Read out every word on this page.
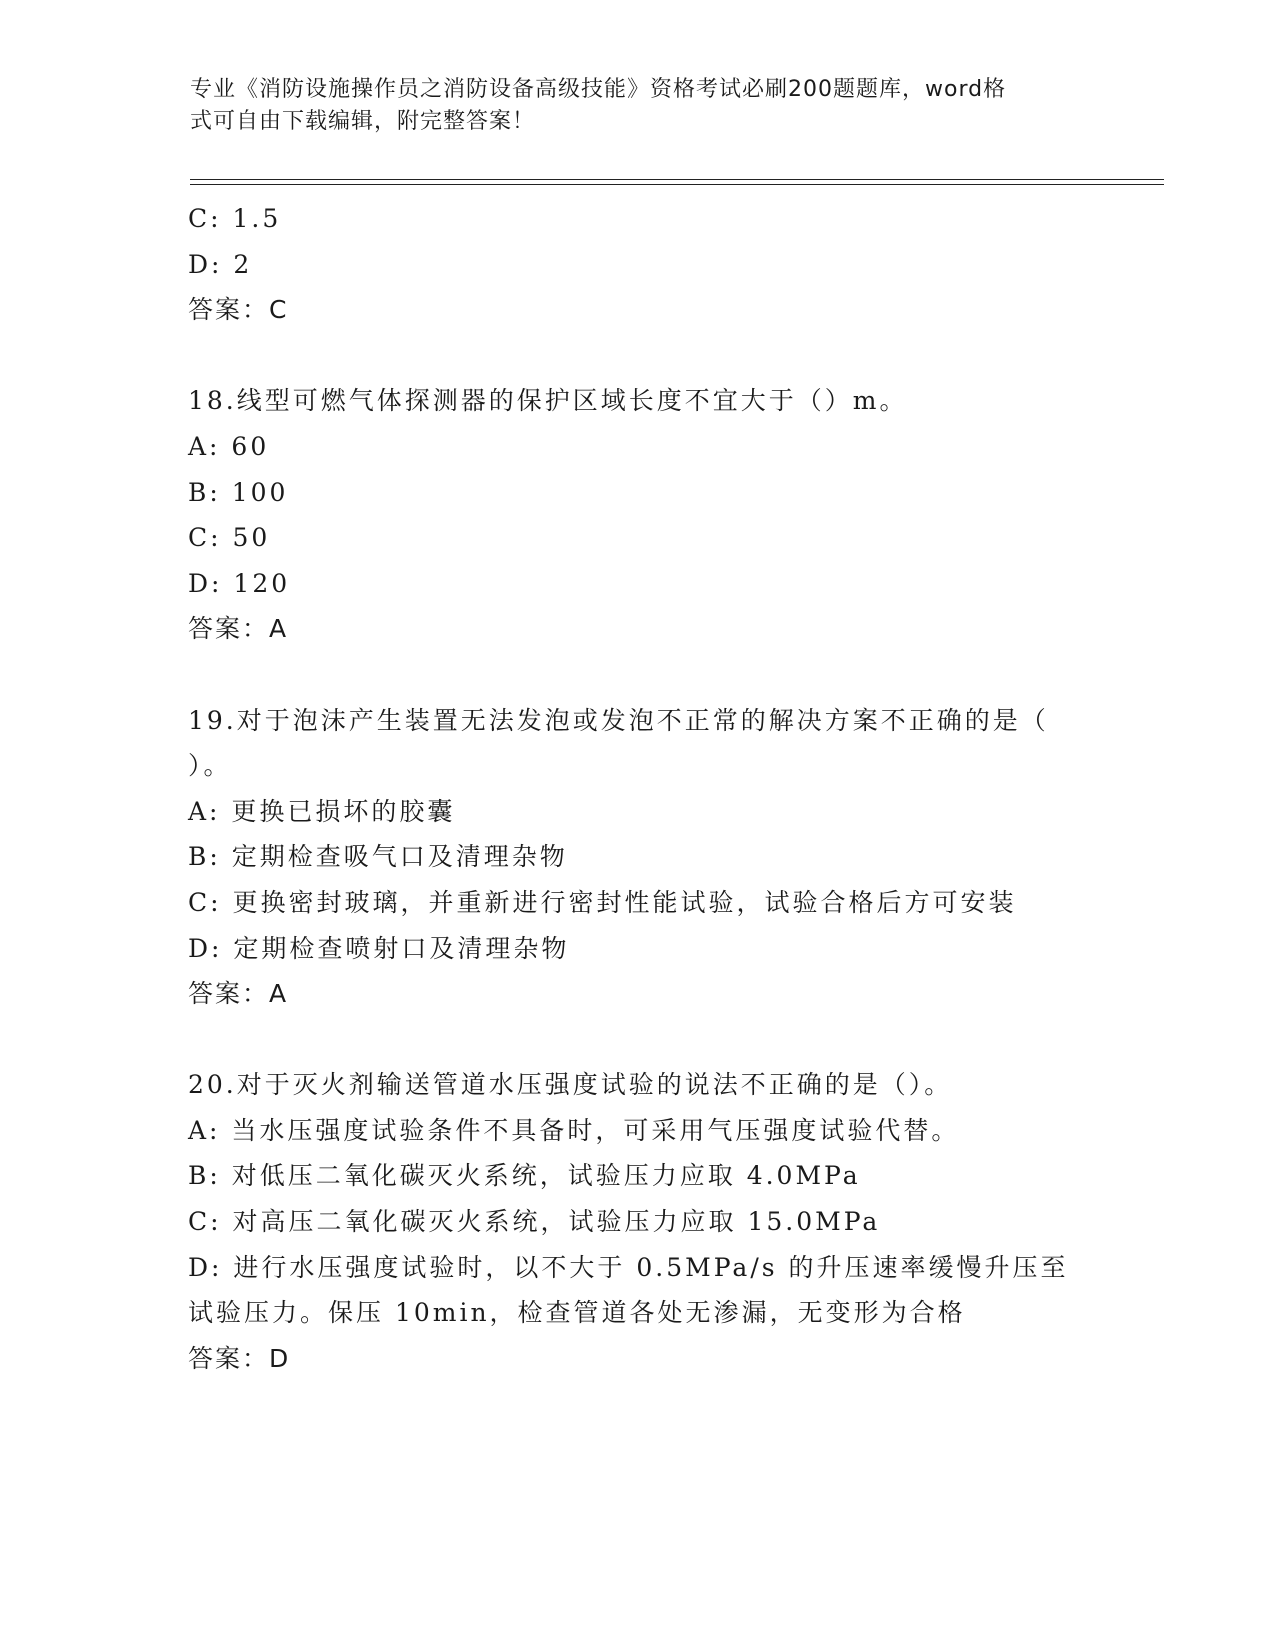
专业《消防设施操作员之消防设备高级技能》资格考试必刷200题题库，word格
式可自由下载编辑，附完整答案！
C: 1.5
D: 2
答案：C
18.线型可燃气体探测器的保护区域长度不宜大于（）m。
A: 60
B: 100
C: 50
D: 120
答案：A
19.对于泡沫产生装置无法发泡或发泡不正常的解决方案不正确的是（
）。
A: 更换已损坏的胶囊
B: 定期检查吸气口及清理杂物
C: 更换密封玻璃，并重新进行密封性能试验，试验合格后方可安装
D: 定期检查喷射口及清理杂物
答案：A
20.对于灭火剂输送管道水压强度试验的说法不正确的是（）。
A: 当水压强度试验条件不具备时，可采用气压强度试验代替。
B: 对低压二氧化碳灭火系统，试验压力应取 4.0MPa
C: 对高压二氧化碳灭火系统，试验压力应取 15.0MPa
D: 进行水压强度试验时，以不大于 0.5MPa/s 的升压速率缓慢升压至
试验压力。保压 10min，检查管道各处无渗漏，无变形为合格
答案：D
